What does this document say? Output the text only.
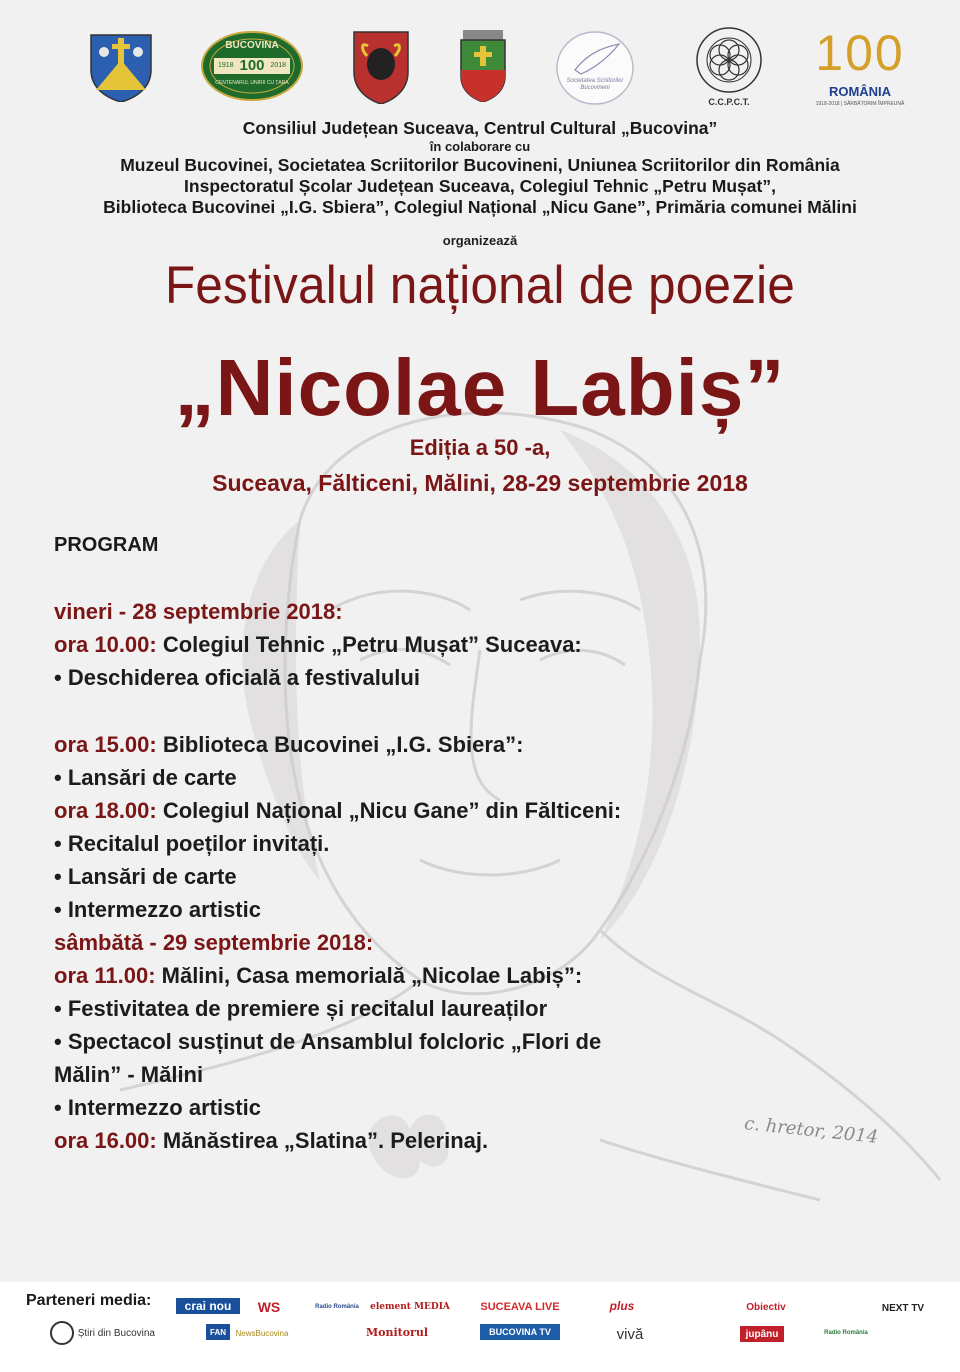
BUCOVINA
1918 100 2018
CENTENARUL UNIRII CU ȚARA	Societatea Scriitorilor Bucovineni
C.C.P.C.T.
100
ROMÂNIA
1918-2018 | SĂRBĂTORIM ÎMPREUNĂ
Consiliul Județean Suceava, Centrul Cultural „Bucovina”
în colaborare cu
Muzeul Bucovinei, Societatea Scriitorilor Bucovineni, Uniunea Scriitorilor din România
Inspectoratul Școlar Județean Suceava, Colegiul Tehnic „Petru Mușat”,
Biblioteca Bucovinei „I.G. Sbiera”, Colegiul Național „Nicu Gane”, Primăria comunei Mălini
organizează
Festivalul național de poezie
„Nicolae Labiș”
Ediția a 50 -a,
Suceava, Fălticeni, Mălini, 28-29 septembrie 2018
PROGRAM
vineri - 28 septembrie 2018:
ora 10.00: Colegiul Tehnic „Petru Mușat” Suceava:
• Deschiderea oficială a festivalului
ora 15.00: Biblioteca Bucovinei „I.G. Sbiera”:
• Lansări de carte
ora 18.00: Colegiul Național „Nicu Gane” din Fălticeni:
• Recitalul poeților invitați.
• Lansări de carte
• Intermezzo artistic
sâmbătă - 29 septembrie 2018:
ora 11.00: Mălini, Casa memorială „Nicolae Labiș”:
• Festivitatea de premiere și recitalul laureaților
• Spectacol susținut de Ansamblul folcloric „Flori de
Mălin” - Mălini
• Intermezzo artistic
ora 16.00: Mănăstirea „Slatina”. Pelerinaj.	c. hretor, 2014
Parteneri media:	crai nou
Știri din Bucovina
WS	Radio România	element MEDIA
Monitorul
SUCEAVA LIVE
BUCOVINA TV
plus
vivă
Obiectiv
jupânu
NewsBucovina
NEXT TV
FAN	Radio România
